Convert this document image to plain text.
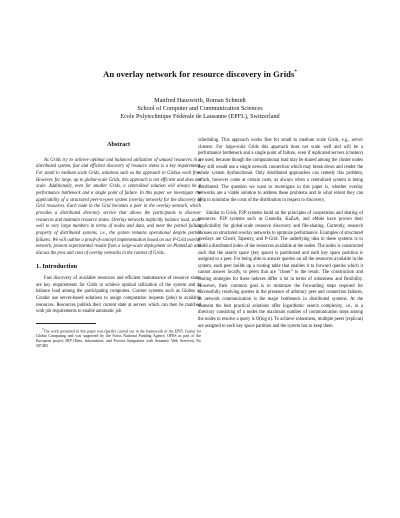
An overlay network for resource discovery in Grids*
Manfred Hauswirth, Roman Schmidt
School of Computer and Communication Sciences
Ecole Polytechnique Fédérale de Lausanne (EPFL), Switzerland
Abstract

As Grids try to achieve optimal and balanced utilization of unused resources in a distributed system, fast and efficient discovery of resource states is a key requirement. For small to medium scale Grids, solutions such as the approach in Globus work fine. However, for large, up to global-scale Grids, this approach is not efficient and does not scale. Additionally, even for smaller Grids, a centralized solution will always be a performance bottleneck and a single point of failure. In this paper we investigate the applicability of a structured peer-to-peer system (overlay network) for the discovery of Grid resources. Each node in the Grid becomes a peer in the overlay network, which provides a distributed directory service that allows the participants to discover resources and maintain resource states. Overlay networks implicitly balance load, scale well to very large numbers in terms of nodes and data, and meet the partial failure property of distributed systems, i.e., the system remains operational despite partial failures. We will outline a proof-of-concept implementation based on our P-Grid overlay network, present experimental results from a large-scale deployment on PlanetLab and discuss the pros and cons of overlay networks in the context of Grids.

1. Introduction

Fast discovery of available resources and efficient maintenance of resource states are key requirements for Grids to achieve optimal utilization of the system and to balance load among the participating computers. Current systems such as Globus or Condor use server-based solutions to assign computation requests (jobs) to available resources. Resources publish their current state at servers which can then be matched with job requirements to enable automatic job

*The work presented in this paper was (partly) carried out in the framework of the EPFL Center for Global Computing and was supported by the Swiss National Funding Agency OFES as part of the European project DIP (Data, Information, and Process Integration with Semantic Web Services) No 507483.

scheduling. This approach works fine for small to medium scale Grids, e.g., server clusters. For large-scale Grids this approach does not scale well and will be a performance bottleneck and a single point of failure, even if replicated servers (clusters) are used, because though the computational load may be shared among the cluster nodes they still would use a single network connection which may break down and render the whole system dysfunctional. Only distributed approaches can remedy this problem, which, however come at certain costs, as always when a centralized system is being distributed. The question we want to investigate in this paper is, whether overlay networks are a viable solution to address these problems and to what extent they can help to minimize the costs of the distribution in respect to discovery.

Similar to Grids, P2P systems build on the principles of cooperation and sharing of resources. P2P systems such as Gnutella, KaZaA, and eMule have proven their applicability for global-scale resource discovery and file-sharing. Currently, research focuses on structured overlay networks to optimize performance. Examples of structured overlays are Chord, Tapestry, and P-Grid. The underlying idea in these systems is to build a distributed index of the resources available at the nodes. The index is constructed such that the search space (key space) is partitioned and each key space partition is assigned to a peer. For being able to answer queries on all the resources available in the system, each peer builds up a routing table that enables it to forward queries which it cannot answer locally, to peers that are "closer" to the result. The construction and routing strategies for these indexes differ a lot in terms of robustness and flexibility. However, their common goal is to minimize the forwarding steps required for successfully resolving queries in the presence of arbitrary peer and connection failures, as network communication is the major bottleneck in distributed systems. At the moment the best practical solutions offer logarithmic search complexity, i.e., in a directory consisting of n nodes the maximum number of communication steps among the nodes to resolve a query is O(log n). To achieve robustness, multiple peers (replicas) are assigned to each key space partition and the system has to keep them
